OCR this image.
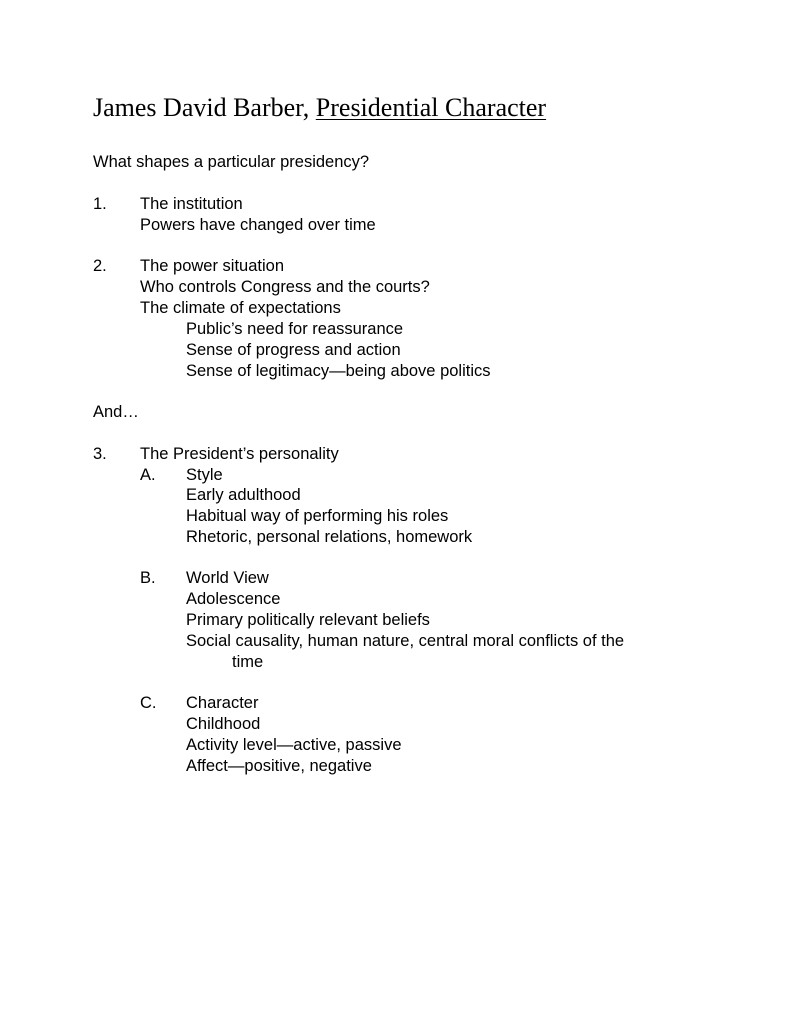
James David Barber, Presidential Character
What shapes a particular presidency?
1. The institution
Powers have changed over time
2. The power situation
Who controls Congress and the courts?
The climate of expectations
Public’s need for reassurance
Sense of progress and action
Sense of legitimacy—being above politics
And…
3. The President’s personality
A. Style
Early adulthood
Habitual way of performing his roles
Rhetoric, personal relations, homework
B. World View
Adolescence
Primary politically relevant beliefs
Social causality, human nature, central moral conflicts of the
time
C. Character
Childhood
Activity level—active, passive
Affect—positive, negative
